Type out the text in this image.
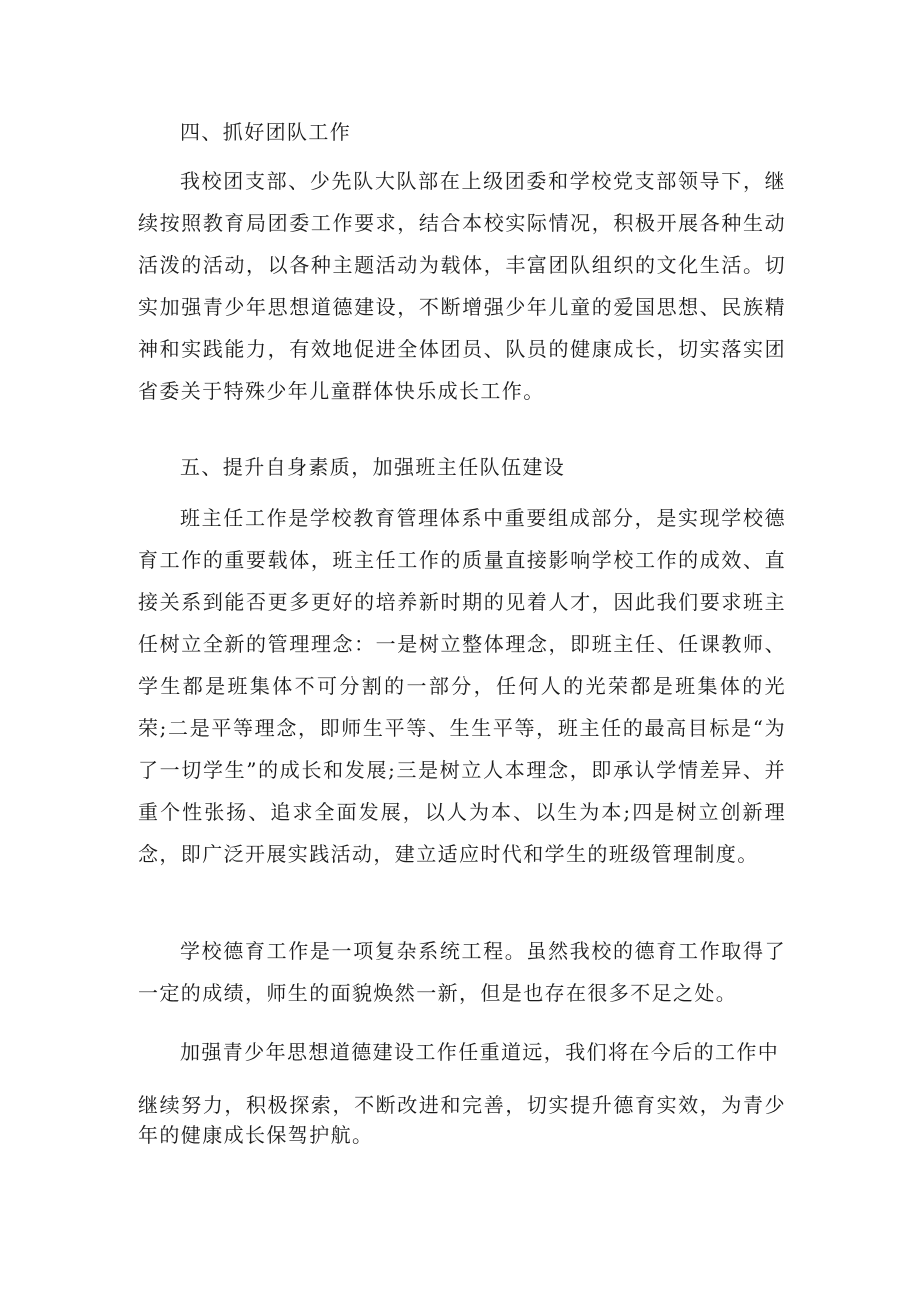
四、抓好团队工作

我校团支部、少先队大队部在上级团委和学校党支部领导下，继续按照教育局团委工作要求，结合本校实际情况，积极开展各种生动活泼的活动，以各种主题活动为载体，丰富团队组织的文化生活。切实加强青少年思想道德建设，不断增强少年儿童的爱国思想、民族精神和实践能力，有效地促进全体团员、队员的健康成长，切实落实团省委关于特殊少年儿童群体快乐成长工作。

五、提升自身素质，加强班主任队伍建设

班主任工作是学校教育管理体系中重要组成部分，是实现学校德育工作的重要载体，班主任工作的质量直接影响学校工作的成效、直接关系到能否更多更好的培养新时期的见着人才，因此我们要求班主任树立全新的管理理念：一是树立整体理念，即班主任、任课教师、学生都是班集体不可分割的一部分，任何人的光荣都是班集体的光荣;二是平等理念，即师生平等、生生平等，班主任的最高目标是“为了一切学生”的成长和发展;三是树立人本理念，即承认学情差异、并重个性张扬、追求全面发展，以人为本、以生为本;四是树立创新理念，即广泛开展实践活动，建立适应时代和学生的班级管理制度。

学校德育工作是一项复杂系统工程。虽然我校的德育工作取得了一定的成绩，师生的面貌焕然一新，但是也存在很多不足之处。

加强青少年思想道德建设工作任重道远，我们将在今后的工作中

继续努力，积极探索，不断改进和完善，切实提升德育实效，为青少年的健康成长保驾护航。
